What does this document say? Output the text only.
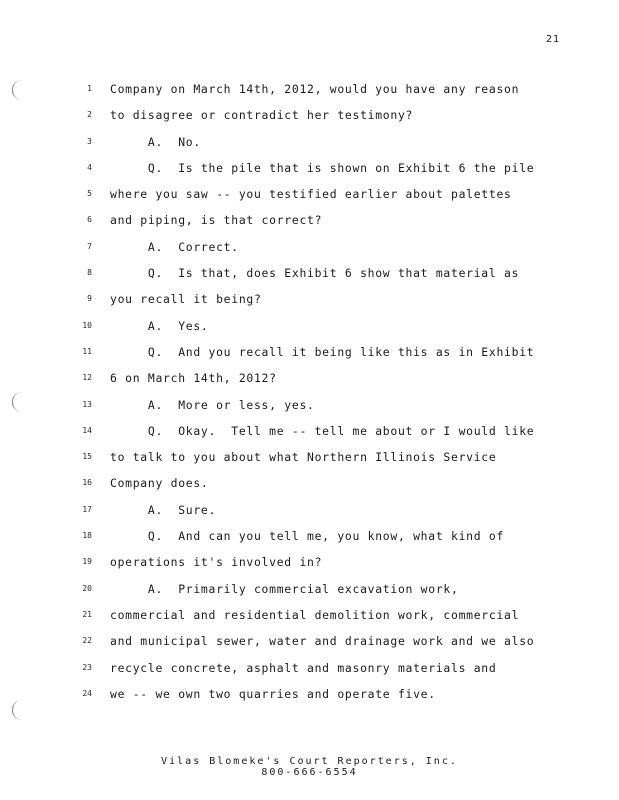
21
1 Company on March 14th, 2012, would you have any reason
2 to disagree or contradict her testimony?
3 A.  No.
4 Q.  Is the pile that is shown on Exhibit 6 the pile
5 where you saw -- you testified earlier about palettes
6 and piping, is that correct?
7 A.  Correct.
8 Q.  Is that, does Exhibit 6 show that material as
9 you recall it being?
10 A.  Yes.
11 Q.  And you recall it being like this as in Exhibit
12 6 on March 14th, 2012?
13 A.  More or less, yes.
14 Q.  Okay.  Tell me -- tell me about or I would like
15 to talk to you about what Northern Illinois Service
16 Company does.
17 A.  Sure.
18 Q.  And can you tell me, you know, what kind of
19 operations it's involved in?
20 A.  Primarily commercial excavation work,
21 commercial and residential demolition work, commercial
22 and municipal sewer, water and drainage work and we also
23 recycle concrete, asphalt and masonry materials and
24 we -- we own two quarries and operate five.
Vilas Blomeke's Court Reporters, Inc.
800-666-6554
